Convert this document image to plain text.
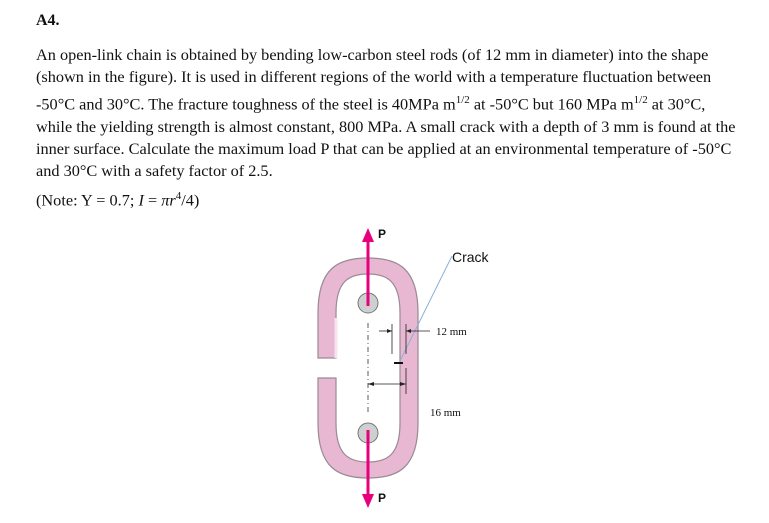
A4.

An open-link chain is obtained by bending low-carbon steel rods (of 12 mm in diameter) into the shape (shown in the figure). It is used in different regions of the world with a temperature fluctuation between -50°C and 30°C. The fracture toughness of the steel is 40MPa $m^{1/2}$ at -50°C but 160 MPa $m^{1/2}$ at 30°C, while the yielding strength is almost constant, 800 MPa. A small crack with a depth of 3 mm is found at the inner surface. Calculate the maximum load P that can be applied at an environmental temperature of -50°C and 30°C with a safety factor of 2.5.

(Note: Y = 0.7; $I = \pi r^4/4$)
P
P
Crack
12 mm
16 mm
